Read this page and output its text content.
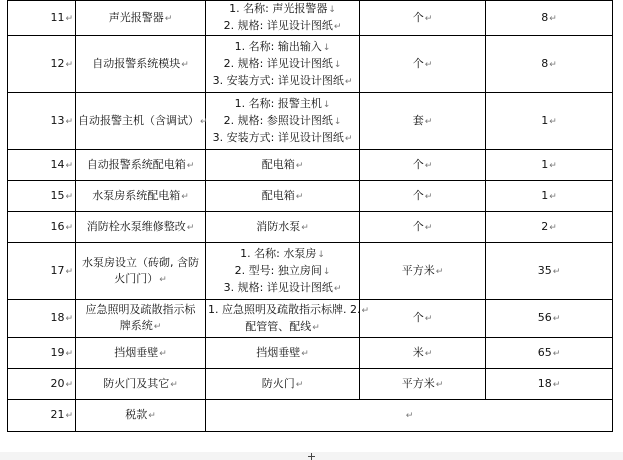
11↵	声光报警器↵	1. 名称: 声光报警器↓
2. 规格: 详见设计图纸↵	个↵	8↵
12↵	自动报警系统模块↵	1. 名称: 输出输入↓
2. 规格: 详见设计图纸↓
3. 安装方式: 详见设计图纸↵	个↵	8↵
13↵	自动报警主机（含调试）↵	1. 名称: 报警主机↓
2. 规格: 参照设计图纸↓
3. 安装方式: 详见设计图纸↵	套↵	1↵
14↵	自动报警系统配电箱↵	配电箱↵	个↵	1↵
15↵	水泵房系统配电箱↵	配电箱↵	个↵	1↵
16↵	消防栓水泵维修整改↵	消防水泵↵	个↵	2↵
17↵	水泵房设立（砖砌, 含防
火门门）↵	1. 名称: 水泵房↓
2. 型号: 独立房间↓
3. 规格: 详见设计图纸↵	平方米↵	35↵
18↵	应急照明及疏散指示标
牌系统↵	1. 应急照明及疏散指示标牌. 2.↵
配管管、配线↵	个↵	56↵
19↵	挡烟垂壁↵	挡烟垂壁↵	米↵	65↵
20↵	防火门及其它↵	防火门↵	平方米↵	18↵
21↵	税款↵	↵		
